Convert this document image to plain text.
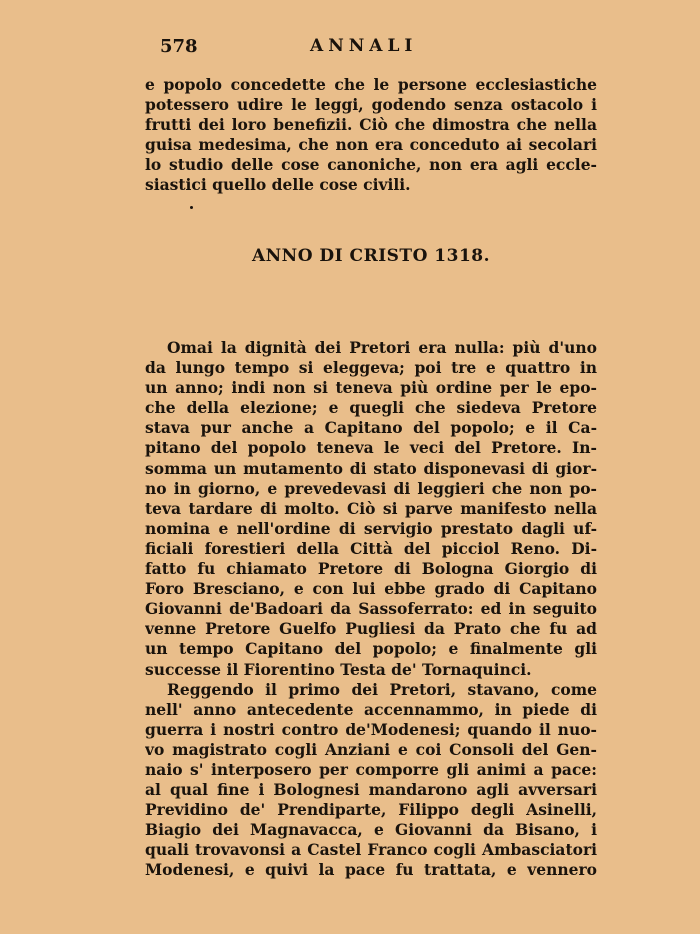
578	ANNALI
e popolo concedette che le persone ecclesiastiche
potessero udire le leggi, godendo senza ostacolo i
frutti dei loro benefizii. Ciò che dimostra che nella
guisa medesima, che non era conceduto ai secolari
lo studio delle cose canoniche, non era agli eccle-
siastici quello delle cose civili.
ANNO DI CRISTO 1318.
Omai la dignità dei Pretori era nulla: più d'uno
da lungo tempo si eleggeva; poi tre e quattro in
un anno; indi non si teneva più ordine per le epo-
che della elezione; e quegli che siedeva Pretore
stava pur anche a Capitano del popolo; e il Ca-
pitano del popolo teneva le veci del Pretore. In-
somma un mutamento di stato disponevasi di gior-
no in giorno, e prevedevasi di leggieri che non po-
teva tardare di molto. Ciò si parve manifesto nella
nomina e nell'ordine di servigio prestato dagli uf-
ficiali forestieri della Città del picciol Reno. Di-
fatto fu chiamato Pretore di Bologna Giorgio di
Foro Bresciano, e con lui ebbe grado di Capitano
Giovanni de'Badoari da Sassoferrato: ed in seguito
venne Pretore Guelfo Pugliesi da Prato che fu ad
un tempo Capitano del popolo; e finalmente gli
successe il Fiorentino Testa de' Tornaquinci.
Reggendo il primo dei Pretori, stavano, come
nell' anno antecedente accennammo, in piede di
guerra i nostri contro de'Modenesi; quando il nuo-
vo magistrato cogli Anziani e coi Consoli del Gen-
naio s' interposero per comporre gli animi a pace:
al qual fine i Bolognesi mandarono agli avversari
Previdino de' Prendiparte, Filippo degli Asinelli,
Biagio dei Magnavacca, e Giovanni da Bisano, i
quali trovavonsi a Castel Franco cogli Ambasciatori
Modenesi, e quivi la pace fu trattata, e vennero
